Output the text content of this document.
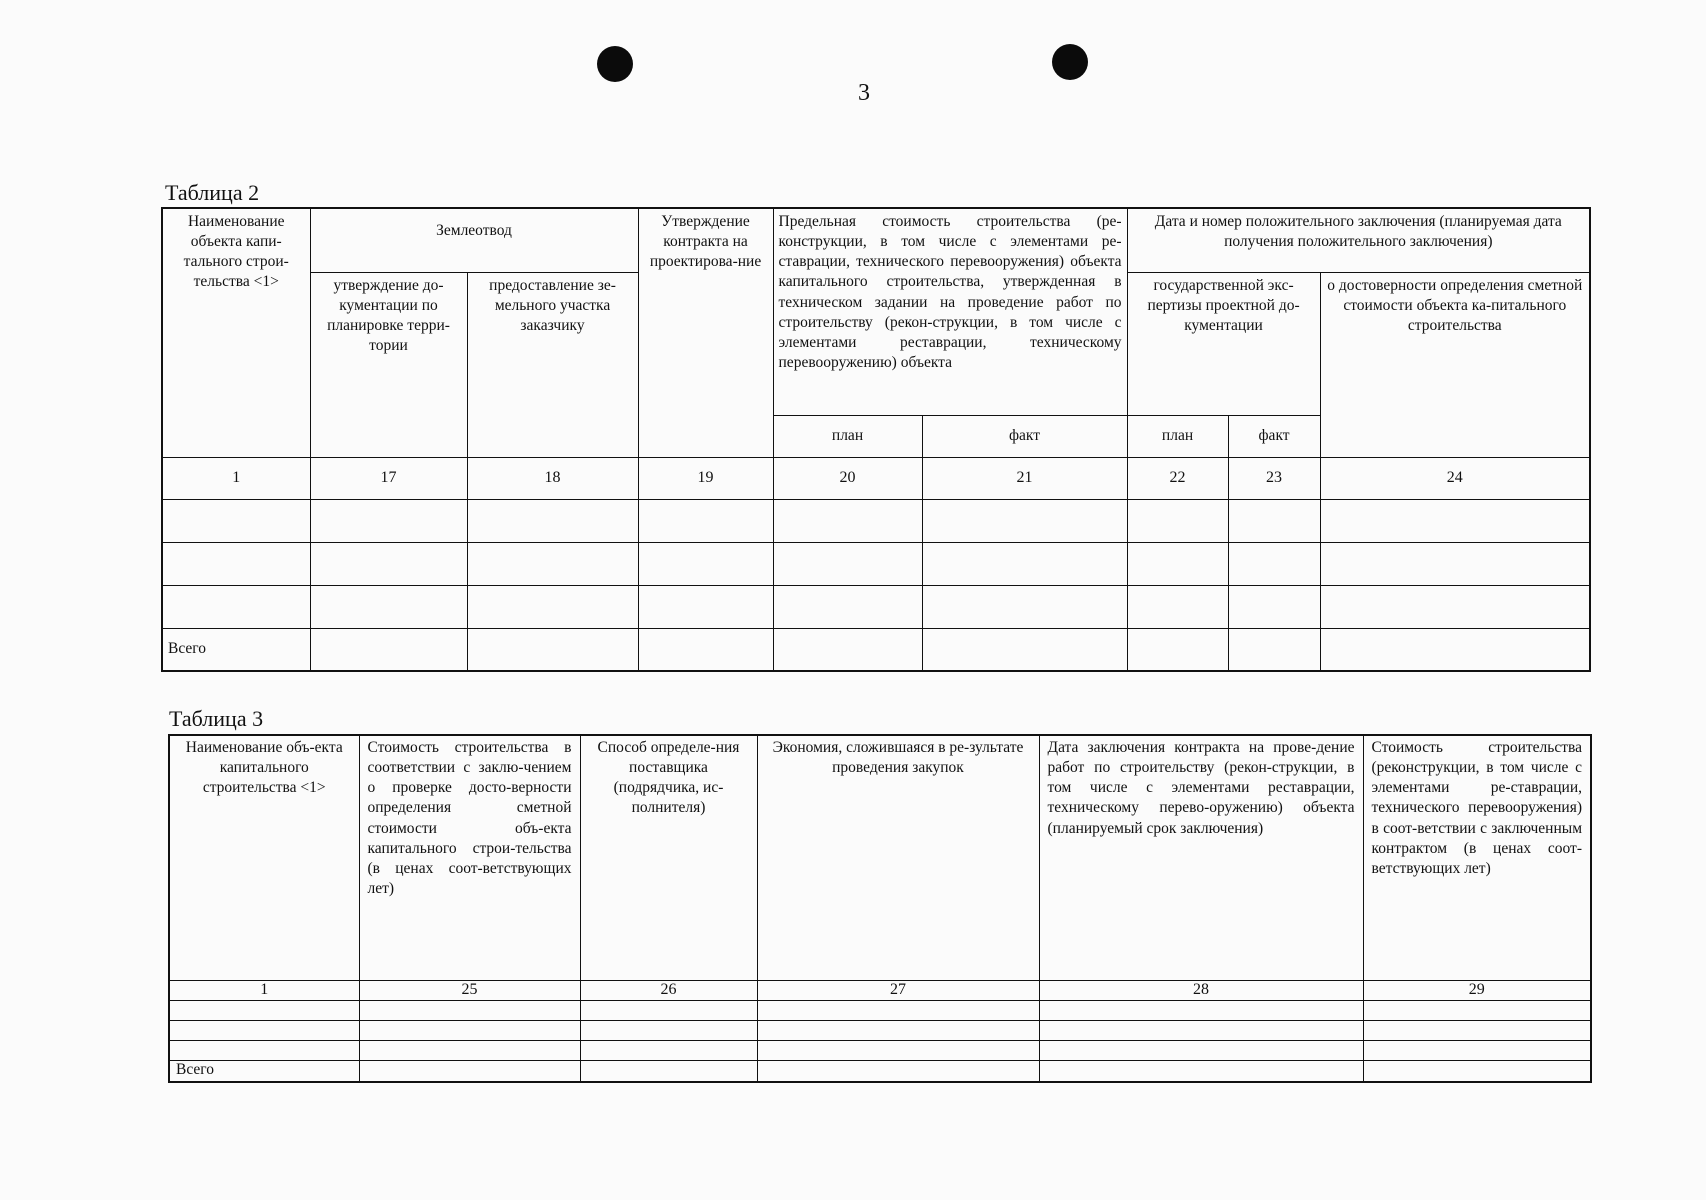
3
Таблица 2
Наименование объекта капи-тального строи-тельства <1>	Землеотвод		Утверждение контракта на проектирова-ние	Предельная стоимость строительства (ре-конструкции, в том числе с элементами ре-ставрации, технического перевооружения) объекта капитального строительства, утвержденная в техническом задании на проведение работ по строительству (рекон-струкции, в том числе с элементами реставрации, техническому перевооружению) объекта		Дата и номер положительного заключения (планируемая дата получения положительного заключения)		
	утверждение до-кументации по планировке терри-тории	предоставление зе-мельного участка заказчику				государственной экс-пертизы проектной до-кументации		о достоверности определения сметной стоимости объекта ка-питального строительства
				план	факт	план	факт	
1	17	18	19	20	21	22	23	24

Всего								
Таблица 3
Наименование объ-екта капитального строительства <1>	Стоимость строительства в соответствии с заклю-чением о проверке досто-верности определения сметной стоимости объ-екта капитального строи-тельства (в ценах соот-ветствующих лет)	Способ определе-ния поставщика (подрядчика, ис-полнителя)	Экономия, сложившаяся в ре-зультате проведения закупок	Дата заключения контракта на прове-дение работ по строительству (рекон-струкции, в том числе с элементами реставрации, техническому перево-оружению) объекта (планируемый срок заключения)	Стоимость строительства (реконструкции, в том числе с элементами ре-ставрации, технического перевооружения) в соот-ветствии с заключенным контрактом (в ценах соот-ветствующих лет)
1	25	26	27	28	29

Всего					
